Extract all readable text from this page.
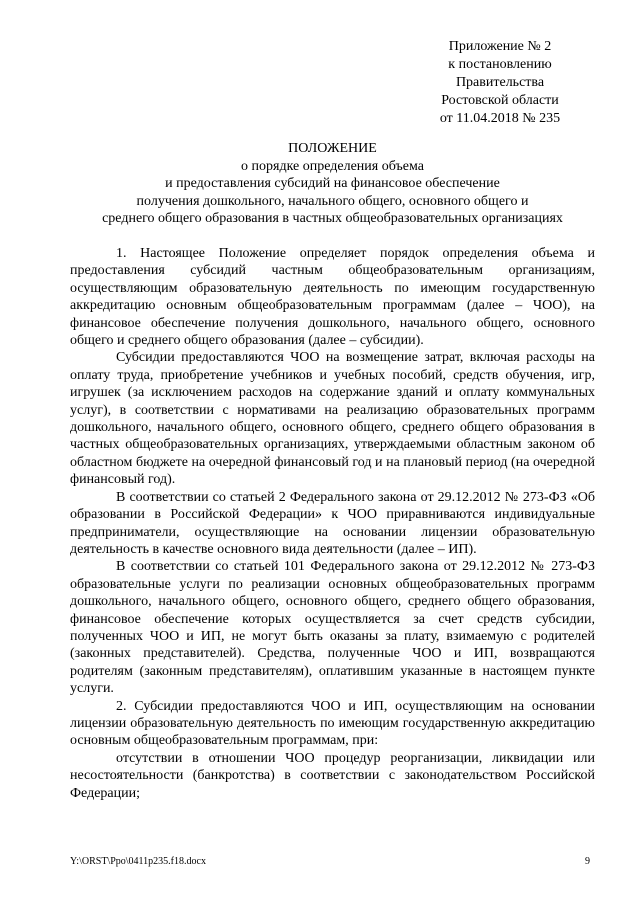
Приложение № 2
к постановлению
Правительства
Ростовской области
от 11.04.2018 № 235
ПОЛОЖЕНИЕ
о порядке определения объема
и предоставления субсидий на финансовое обеспечение
получения дошкольного, начального общего, основного общего и
среднего общего образования в частных общеобразовательных организациях

1. Настоящее Положение определяет порядок определения объема и предоставления субсидий частным общеобразовательным организациям, осуществляющим образовательную деятельность по имеющим государственную аккредитацию основным общеобразовательным программам (далее – ЧОО), на финансовое обеспечение получения дошкольного, начального общего, основного общего и среднего общего образования (далее – субсидии).

Субсидии предоставляются ЧОО на возмещение затрат, включая расходы на оплату труда, приобретение учебников и учебных пособий, средств обучения, игр, игрушек (за исключением расходов на содержание зданий и оплату коммунальных услуг), в соответствии с нормативами на реализацию образовательных программ дошкольного, начального общего, основного общего, среднего общего образования в частных общеобразовательных организациях, утверждаемыми областным законом об областном бюджете на очередной финансовый год и на плановый период (на очередной финансовый год).

В соответствии со статьей 2 Федерального закона от 29.12.2012 № 273-ФЗ «Об образовании в Российской Федерации» к ЧОО приравниваются индивидуальные предприниматели, осуществляющие на основании лицензии образовательную деятельность в качестве основного вида деятельности (далее – ИП).

В соответствии со статьей 101 Федерального закона от 29.12.2012 № 273-ФЗ образовательные услуги по реализации основных общеобразовательных программ дошкольного, начального общего, основного общего, среднего общего образования, финансовое обеспечение которых осуществляется за счет средств субсидии, полученных ЧОО и ИП, не могут быть оказаны за плату, взимаемую с родителей (законных представителей). Средства, полученные ЧОО и ИП, возвращаются родителям (законным представителям), оплатившим указанные в настоящем пункте услуги.

2. Субсидии предоставляются ЧОО и ИП, осуществляющим на основании лицензии образовательную деятельность по имеющим государственную аккредитацию основным общеобразовательным программам, при:

отсутствии в отношении ЧОО процедур реорганизации, ликвидации или несостоятельности (банкротства) в соответствии с законодательством Российской Федерации;

Y:\ORST\Ppo\0411p235.f18.docx	9
